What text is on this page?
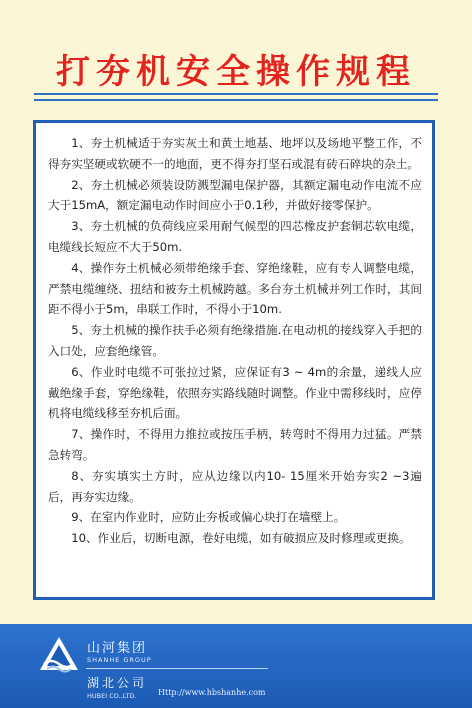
打夯机安全操作规程

1、夯土机械适于夯实灰土和黄土地基、地坪以及场地平整工作，不得夯实坚硬或软硬不一的地面，更不得夯打坚石或混有砖石碎块的杂土。

2、夯土机械必须装设防溅型漏电保护器，其额定漏电动作电流不应大于15mA，额定漏电动作时间应小于0.1秒，并做好接零保护。

3、夯土机械的负荷线应采用耐气候型的四芯橡皮护套铜芯软电缆，电缆线长短应不大于50m.

4、操作夯土机械必须带绝缘手套、穿绝缘鞋，应有专人调整电缆，严禁电缆缠绕、扭结和被夯土机械跨越。多台夯土机械并列工作时，其间距不得小于5m，串联工作时，不得小于10m.

5、夯土机械的操作扶手必须有绝缘措施.在电动机的接线穿入手把的入口处，应套绝缘管。

6、作业时电缆不可张拉过紧，应保证有3 ~ 4m的余量，递线人应戴绝缘手套，穿绝缘鞋，依照夯实路线随时调整。作业中需移线时，应停机将电缆线移至夯机后面。

7、操作时，不得用力推拉或按压手柄，转弯时不得用力过猛。严禁急转弯。

8、夯实填实土方时，应从边缘以内10- 15厘米开始夯实2 ~3遍后，再夯实边缘。

9、在室内作业时，应防止夯板或偏心块打在墙壁上。

10、作业后，切断电源，卷好电缆，如有破损应及时修理或更换。

山河集团
SHANHE GROUP
湖北公司
HUBEI CO.,LTD.	Http://www.hbshanhe.com
